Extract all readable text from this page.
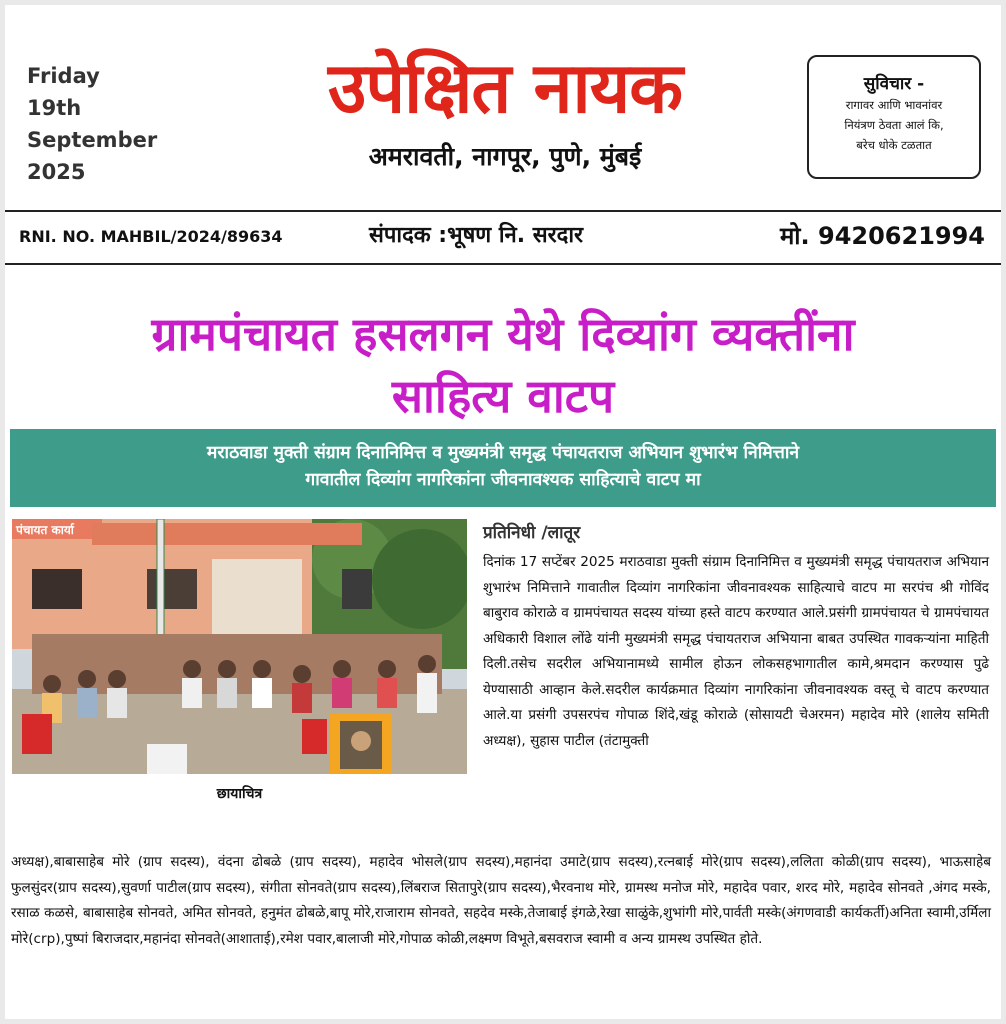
Friday
19th
September
2025
उपेक्षित नायक
अमरावती, नागपूर, पुणे, मुंबई
सुविचार -
रागावर आणि भावनांवर
नियंत्रण ठेवता आलं कि,
बरेच धोके टळतात
RNI. NO. MAHBIL/2024/89634	संपादक :भूषण नि. सरदार	मो. 9420621994
ग्रामपंचायत हसलगन येथे दिव्यांग व्यक्तींना
साहित्य वाटप
मराठवाडा मुक्ती संग्राम दिनानिमित्त व मुख्यमंत्री समृद्ध पंचायतराज अभियान शुभारंभ निमित्ताने
गावातील दिव्यांग नागरिकांना जीवनावश्यक साहित्याचे वाटप मा
पंचायत कार्या
छायाचित्र
प्रतिनिधी /लातूर
दिनांक 17 सप्टेंबर 2025 मराठवाडा मुक्ती संग्राम दिनानिमित्त व मुख्यमंत्री समृद्ध पंचायतराज अभियान शुभारंभ निमित्ताने गावातील दिव्यांग नागरिकांना जीवनावश्यक साहित्याचे वाटप मा सरपंच श्री गोविंद बाबुराव कोराळे व ग्रामपंचायत सदस्य यांच्या हस्ते वाटप करण्यात आले.प्रसंगी ग्रामपंचायत चे ग्रामपंचायत अधिकारी विशाल लोंढे यांनी मुख्यमंत्री समृद्ध पंचायतराज अभियाना बाबत उपस्थित गावकऱ्यांना माहिती दिली.तसेच सदरील अभियानामध्ये सामील होऊन लोकसहभागातील कामे,श्रमदान करण्यास पुढे येण्यासाठी आव्हान केले.सदरील कार्यक्रमात दिव्यांग नागरिकांना जीवनावश्यक वस्तू चे वाटप करण्यात आले.या प्रसंगी उपसरपंच गोपाळ शिंदे,खंडू कोराळे (सोसायटी चेअरमन) महादेव मोरे (शालेय समिती अध्यक्ष), सुहास पाटील (तंटामुक्ती
अध्यक्ष),बाबासाहेब मोरे (ग्राप सदस्य), वंदना ढोबळे (ग्राप सदस्य), महादेव भोसले(ग्राप सदस्य),महानंदा उमाटे(ग्राप सदस्य),रत्नबाई मोरे(ग्राप सदस्य),ललिता कोळी(ग्राप सदस्य), भाऊसाहेब फुलसुंदर(ग्राप सदस्य),सुवर्णा पाटील(ग्राप सदस्य), संगीता सोनवते(ग्राप सदस्य),लिंबराज सितापुरे(ग्राप सदस्य),भैरवनाथ मोरे, ग्रामस्थ मनोज मोरे, महादेव पवार, शरद मोरे, महादेव सोनवते ,अंगद मस्के, रसाळ कळसे, बाबासाहेब सोनवते, अमित सोनवते, हनुमंत ढोबळे,बापू मोरे,राजाराम सोनवते, सहदेव मस्के,तेजाबाई इंगळे,रेखा साळुंके,शुभांगी मोरे,पार्वती मस्के(अंगणवाडी कार्यकर्ती)अनिता स्वामी,उर्मिला मोरे(crp),पुष्पां बिराजदार,महानंदा सोनवते(आशाताई),रमेश पवार,बालाजी मोरे,गोपाळ कोळी,लक्ष्मण विभूते,बसवराज स्वामी व अन्य ग्रामस्थ उपस्थित होते.
